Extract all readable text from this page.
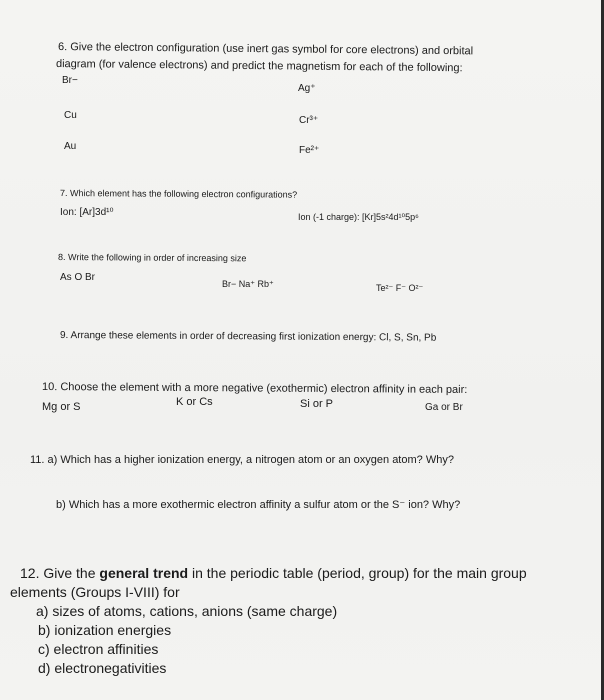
6. Give the electron configuration (use inert gas symbol for core electrons) and orbital
diagram (for valence electrons) and predict the magnetism for each of the following:
Br−
Ag⁺
Cu	Cr³⁺
Au	Fe²⁺
7. Which element has the following electron configurations?
Ion: [Ar]3d¹⁰	Ion (-1 charge): [Kr]5s²4d¹⁰5p⁶
8. Write the following in order of increasing size
As O Br
Br− Na⁺ Rb⁺	Te²⁻ F⁻ O²⁻
9. Arrange these elements in order of decreasing first ionization energy: Cl, S, Sn, Pb
10. Choose the element with a more negative (exothermic) electron affinity in each pair:
Mg or S	K or Cs	Si or P	Ga or Br
11. a) Which has a higher ionization energy, a nitrogen atom or an oxygen atom? Why?
b) Which has a more exothermic electron affinity a sulfur atom or the S⁻ ion? Why?
12. Give the general trend in the periodic table (period, group) for the main group
elements (Groups I-VIII) for
a) sizes of atoms, cations, anions (same charge)
b) ionization energies
c) electron affinities
d) electronegativities
